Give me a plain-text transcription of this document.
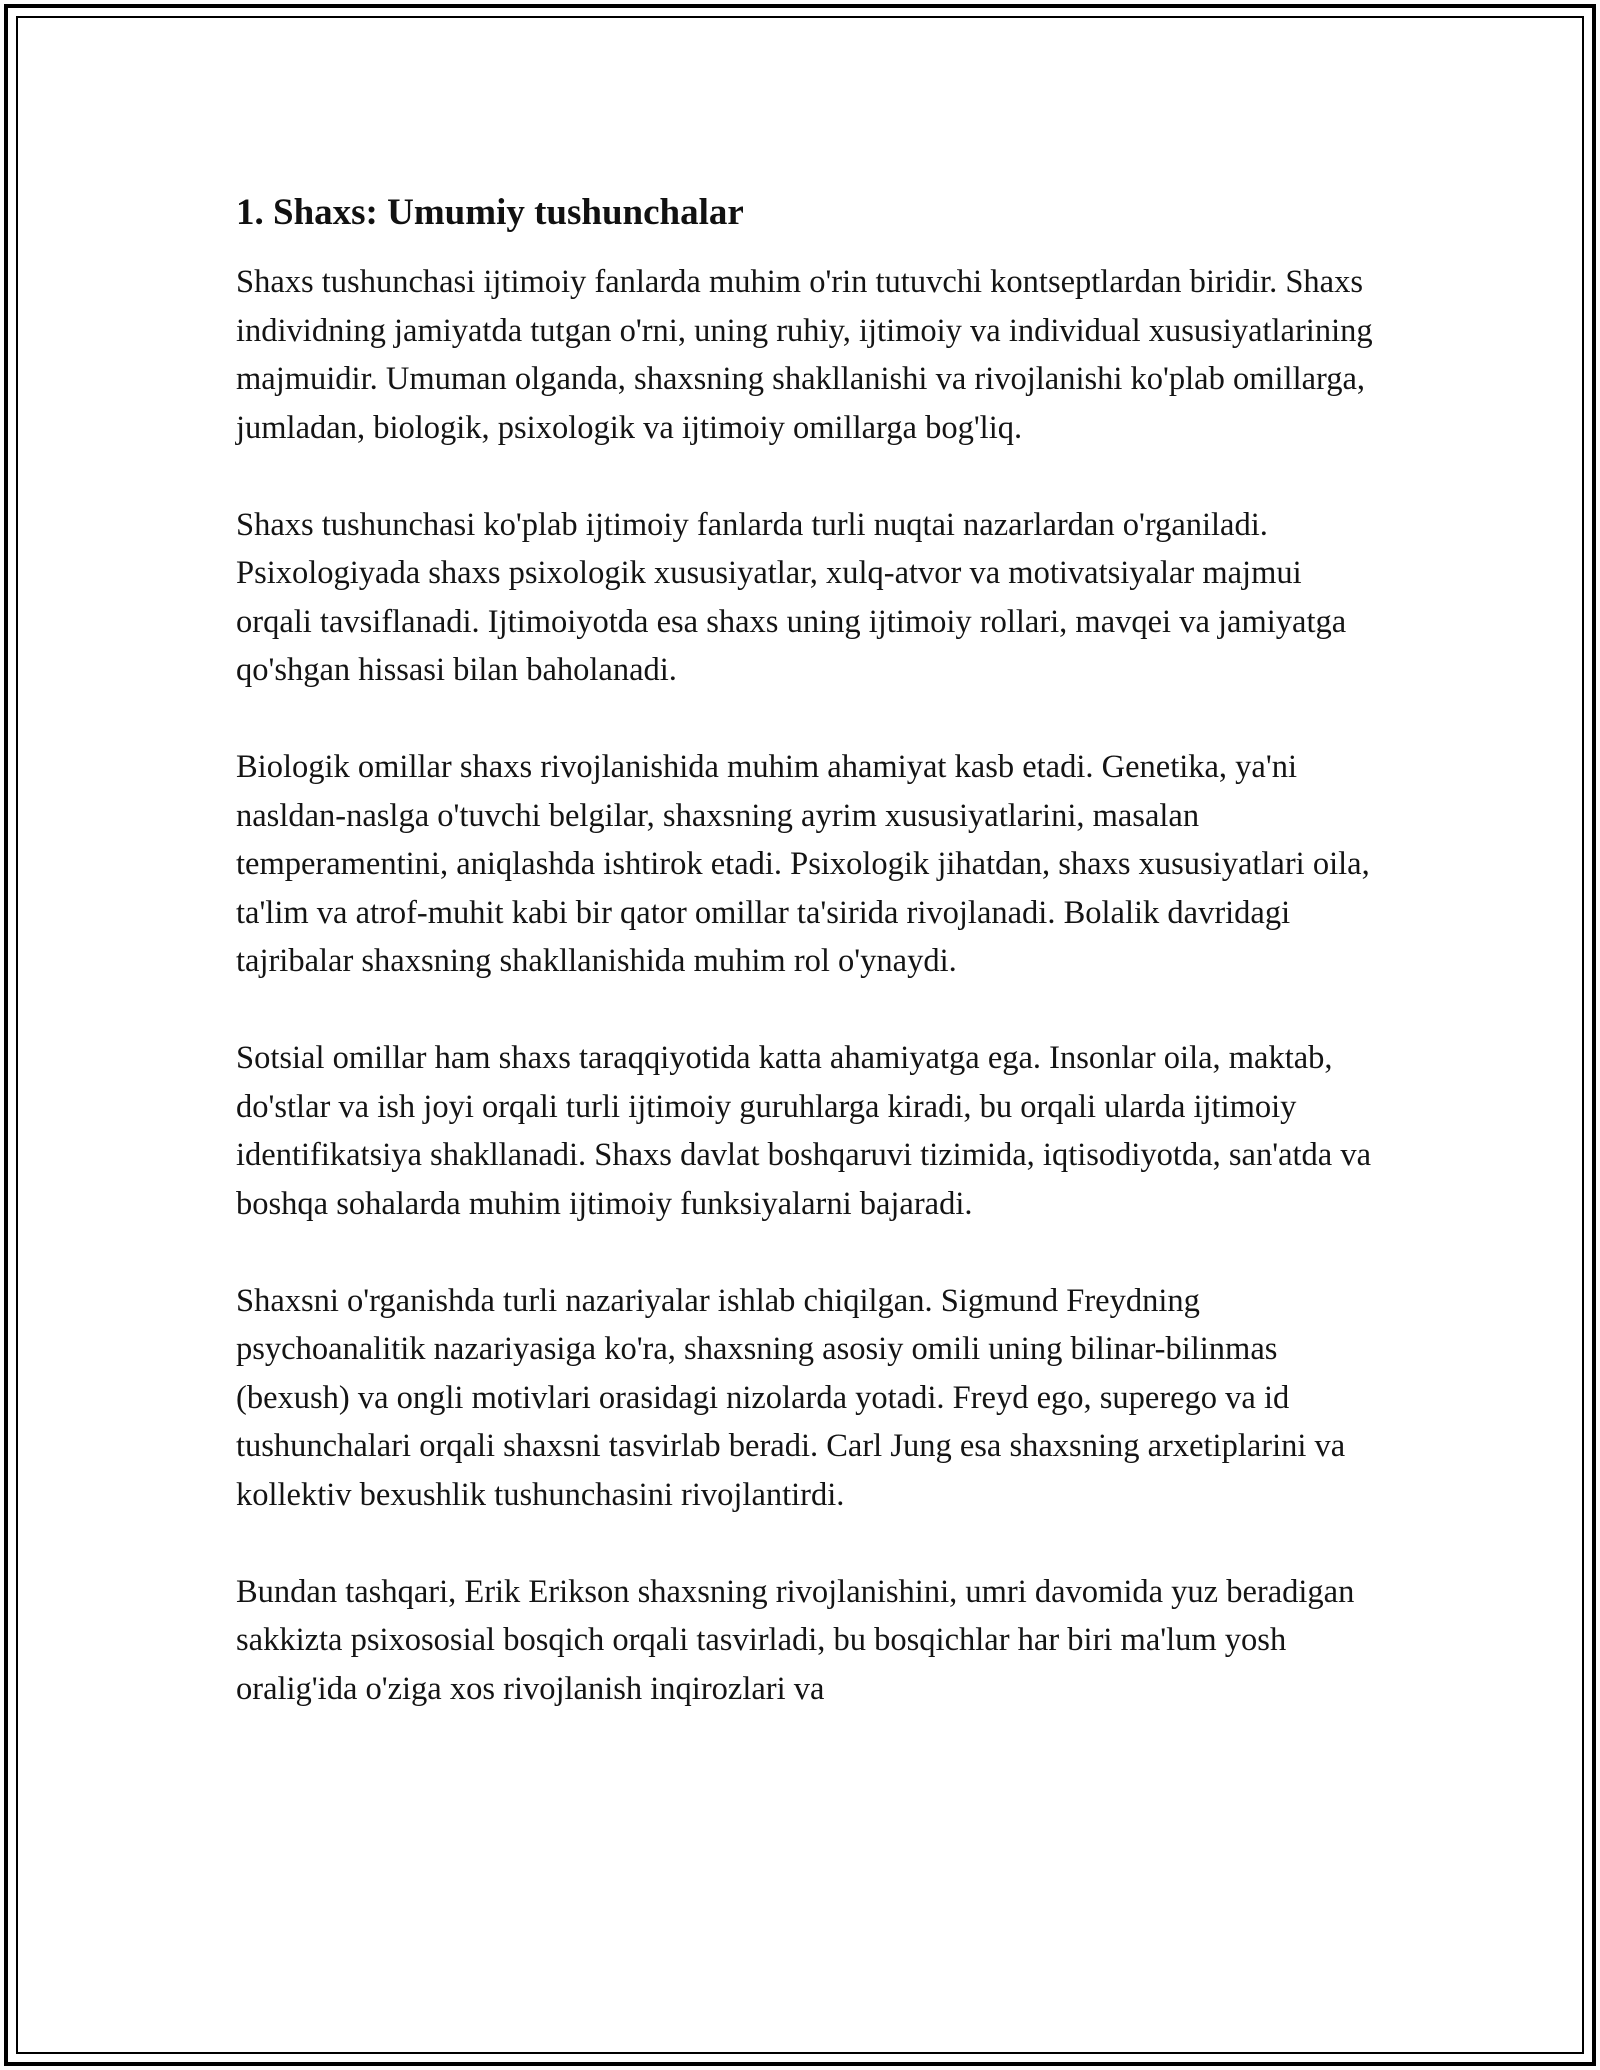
1. Shaxs: Umumiy tushunchalar

Shaxs tushunchasi ijtimoiy fanlarda muhim o'rin tutuvchi kontseptlardan biridir. Shaxs individning jamiyatda tutgan o'rni, uning ruhiy, ijtimoiy va individual xususiyatlarining majmuidir. Umuman olganda, shaxsning shakllanishi va rivojlanishi ko'plab omillarga, jumladan, biologik, psixologik va ijtimoiy omillarga bog'liq.

Shaxs tushunchasi ko'plab ijtimoiy fanlarda turli nuqtai nazarlardan o'rganiladi. Psixologiyada shaxs psixologik xususiyatlar, xulq-atvor va motivatsiyalar majmui orqali tavsiflanadi. Ijtimoiyotda esa shaxs uning ijtimoiy rollari, mavqei va jamiyatga qo'shgan hissasi bilan baholanadi.

Biologik omillar shaxs rivojlanishida muhim ahamiyat kasb etadi. Genetika, ya'ni nasldan-naslga o'tuvchi belgilar, shaxsning ayrim xususiyatlarini, masalan temperamentini, aniqlashda ishtirok etadi. Psixologik jihatdan, shaxs xususiyatlari oila, ta'lim va atrof-muhit kabi bir qator omillar ta'sirida rivojlanadi. Bolalik davridagi tajribalar shaxsning shakllanishida muhim rol o'ynaydi.

Sotsial omillar ham shaxs taraqqiyotida katta ahamiyatga ega. Insonlar oila, maktab, do'stlar va ish joyi orqali turli ijtimoiy guruhlarga kiradi, bu orqali ularda ijtimoiy identifikatsiya shakllanadi. Shaxs davlat boshqaruvi tizimida, iqtisodiyotda, san'atda va boshqa sohalarda muhim ijtimoiy funksiyalarni bajaradi.

Shaxsni o'rganishda turli nazariyalar ishlab chiqilgan. Sigmund Freydning psychoanalitik nazariyasiga ko'ra, shaxsning asosiy omili uning bilinar-bilinmas (bexush) va ongli motivlari orasidagi nizolarda yotadi. Freyd ego, superego va id tushunchalari orqali shaxsni tasvirlab beradi. Carl Jung esa shaxsning arxetiplarini va kollektiv bexushlik tushunchasini rivojlantirdi.

Bundan tashqari, Erik Erikson shaxsning rivojlanishini, umri davomida yuz beradigan sakkizta psixososial bosqich orqali tasvirladi, bu bosqichlar har biri ma'lum yosh oralig'ida o'ziga xos rivojlanish inqirozlari va
